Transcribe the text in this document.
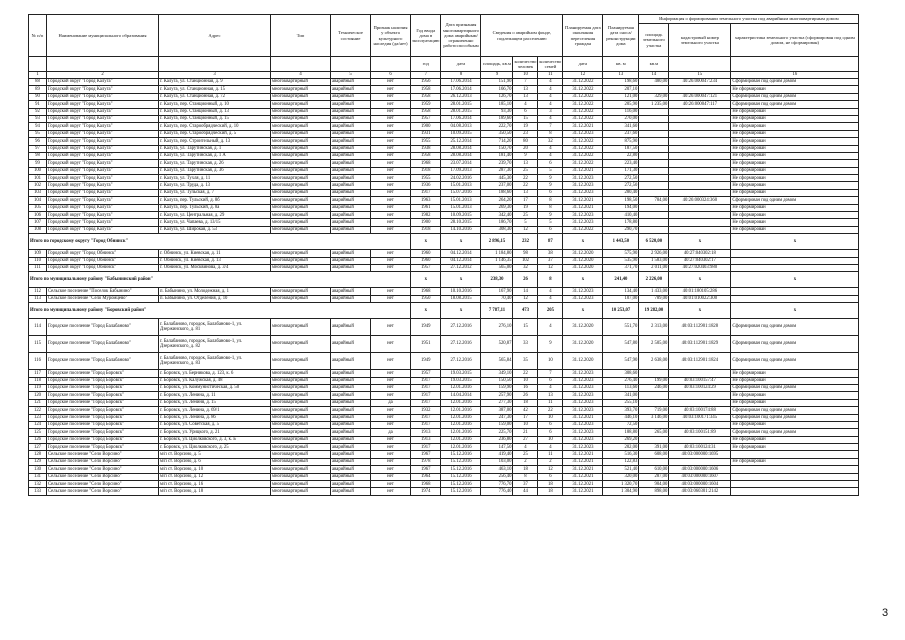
№ п/п	Наименование муниципального образования	Адрес	Тип	Техническое состояние	Признак наличия у объекта культурного наследия (да/нет)	Год ввода дома в эксплуатацию	Дата признания многоквартирного дома аварийным/ограниченно работоспособным	Сведения о аварийном фонде, подлежащем расселению			Планируемая дата окончания переселения граждан	Планируемая дата сноса/реконструкции дома	Информация о формировании земельного участка под аварийным многоквартирным домом		
													площадь земельного участка	кадастровый номер земельного участка	характеристика земельного участка (сформирован под одним домом, не сформирован)

						год	дата	площадь, кв.м	количество человек	количество семей	дата	кв. м	кв.м		
1	2	3	4	5	6	7	8	9	10	11	12	13	14	15	16
88	Городской округ "Город Калуга"	г. Калуга, ул. Станционная, д. 9	многоквартирный	аварийный	нет	1956	17.06.2014	151,90	7	4	31.12.2022	198,60	480,00	40:26:000047:234	Сформирован под одним домом
89	Городской округ "Город Калуга"	г. Калуга, ул. Станционная, д. 15	многоквартирный	аварийный	нет	1958	17.06.2014	166,70	13	4	31.12.2022	207,10			Не сформирован
90	Городской округ "Город Калуга"	г. Калуга, ул. Станционная, д. 72	многоквартирный	аварийный	нет	1958	26.12.2013	126,70	13	4	31.12.2022	121,00	329,00	40:26:000047:121	Сформирован под одним домом
91	Городской округ "Город Калуга"	г. Калуга, пер. Станционный, д. 10	многоквартирный	аварийный	нет	1959	28.01.2015	185,10	4	4	31.12.2022	205,90	1 235,00	40:26:000047:117	Сформирован под одним домом
92	Городской округ "Город Калуга"	г. Калуга, пер. Станционный, д. 13	многоквартирный	аварийный	нет	1958	28.01.2015	93,30	6	3	31.12.2022	116,00			Не сформирован
93	Городской округ "Город Калуга"	г. Калуга, пер. Станционный, д. 15	многоквартирный	аварийный	нет	1957	17.06.2014	189,60	15	4	31.12.2022	270,00			Не сформирован
94	Городской округ "Город Калуга"	г. Калуга, пер. Старообрядческий, д. 10	многоквартирный	аварийный	нет	1900	04.08.2013	222,70	19	7	31.12.2021	341,60			Не сформирован
95	Городской округ "Город Калуга"	г. Калуга, пер. Старообрядческий, д. 5	многоквартирный	аварийный	нет	1931	10.09.2015	350,50	23	8	31.12.2023	237,60			Не сформирован
96	Городской округ "Город Калуга"	г. Калуга, пер. Строительный, д. 13	многоквартирный	аварийный	нет	1955	25.12.2014	714,20	80	32	31.12.2022	875,90			Не сформирован
97	Городской округ "Город Калуга"	г. Калуга, ул. Тарутинская, д. 1	многоквартирный	аварийный	нет	1938	28.08.2014	150,70	20	4	31.12.2022	187,50			Не сформирован
98	Городской округ "Город Калуга"	г. Калуга, ул. Тарутинская, д. 1 А	многоквартирный	аварийный	нет	1958	28.08.2014	181,40	9	4	31.12.2022	22,80			Не сформирован
99	Городской округ "Город Калуга"	г. Калуга, ул. Тарутинская, д. 26	многоквартирный	аварийный	нет	1968	23.07.2014	239,70	13	6	31.12.2022	223,40			Не сформирован
100	Городской округ "Город Калуга"	г. Калуга, ул. Тарутинская, д. 36	многоквартирный	аварийный	нет	1918	17.09.2013	287,30	25	5	31.12.2021	171,30			Не сформирован
101	Городской округ "Город Калуга"	г. Калуга, ул. Тухля, д. 11	многоквартирный	аварийный	нет	1955	24.02.2016	445,30	22	9	31.12.2023	272,50			Не сформирован
102	Городской округ "Город Калуга"	г. Калуга, ул. Труда, д. 13	многоквартирный	аварийный	нет	1936	15.01.2013	237,00	22	9	31.12.2023	272,50			Не сформирован
103	Городской округ "Город Калуга"	г. Калуга, ул. Тульская, д. 7	многоквартирный	аварийный	нет	1917	15.07.2016	188,60	13	6	31.12.2023	280,40			Не сформирован
104	Городской округ "Город Калуга"	г. Калуга, пер. Тульский, д. 8б	многоквартирный	аварийный	нет	1963	15.01.2013	264,20	17	8	31.12.2021	198,50	784,00	40:26:000324:360	Сформирован под одним домом
105	Городской округ "Город Калуга"	г. Калуга, пер. Тульский, д. 8а	многоквартирный	аварийный	нет	1961	15.01.2013	269,30	19	8	31.12.2021	194,00			Не сформирован
106	Городской округ "Город Калуга"	г. Калуга, ул. Центральная, д. 29	многоквартирный	аварийный	нет	1982	10.09.2015	342,40	25	9	31.12.2023	410,40			Не сформирован
107	Городской округ "Город Калуга"	г. Калуга, ул. Чапаева, д. 13/15	многоквартирный	аварийный	нет	1900	28.10.2015	186,70	5	5	31.12.2023	178,80			Не сформирован
108	Городской округ "Город Калуга"	г. Калуга, ул. Широкая, д. 53	многоквартирный	аварийный	нет	1918	14.10.2016	308,30	12	6	31.12.2022	290,70			Не сформирован
Итого по городскому округу "Город Обнинск"						х	х	2 896,15	232	87	х	1 443,50	6 520,00	х	х
109	Городской округ "Город Обнинск"	г. Обнинск, ул. Киевская, д. 11	многоквартирный	аварийный	нет	1960	04.12.2014	1 184,80	98	38	31.12.2020	575,90	2 926,00	40:27:040302:18	
110	Городской округ "Город Обнинск"	г. Обнинск, ул. Киевская, д. 13	многоквартирный	аварийный	нет	1960	04.12.2014	1 146,35	102	37	31.12.2020	535,90	1 583,00	40:27:040302:17	
111	Городской округ "Город Обнинск"	г. Обнинск, ул. Москвинова, д. 3/4	многоквартирный	аварийный	нет	1957	27.12.2012	565,00	32	12	31.12.2020	371,70	2 011,00	40:27:020403:980	
Итого по муниципальному району "Бабынинский район"						х	х	238,30	26	8	х	241,40	2 226,00	х	х
112	Сельское поселение "Поселок Бабынино"	п. Бабынино, ул. Молодежная, д. 1	многоквартирный	аварийный	нет	1968	10.10.2016	167,90	14	4	31.12.2023	134,40	1 433,00	40:01:180105:286	
113	Сельское поселение "Село Муромцево"	п. Бабынино, ул. Отделения, д. 10	многоквартирный	аварийный	нет	1950	18.08.2015	70,40	12	4	31.12.2023	107,00	789,00	40:01:010022:300	
Итого по муниципальному району "Боровский район"						х	х	7 787,11	473	205	х	10 253,07	19 282,00	х	х
114	Городское поселение "Город Балабаново"	г. Балабаново, городок, Балабаново-1, ул. Дзержинского, д. 81	многоквартирный	аварийный	нет	1949	27.12.2016	276,10	15	4	31.12.2020	551,70	2 313,00	40:03:112901:1828	Сформирован под одним домом
115	Городское поселение "Город Балабаново"	г. Балабаново, городок, Балабаново-1, ул. Дзержинского, д. 82	многоквартирный	аварийный	нет	1951	27.12.2016	520,87	33	9	31.12.2020	547,80	2 505,00	40:03:112901:1829	Сформирован под одним домом
116	Городское поселение "Город Балабаново"	г. Балабаново, городок, Балабаново-1, ул. Дзержинского, д. 83	многоквартирный	аварийный	нет	1949	27.12.2016	565,84	35	10	31.12.2020	547,90	2 638,00	40:03:112901:1824	Сформирован под одним домом
117	Городское поселение "Город Боровск"	г. Боровск, ул. Берникова, д. 123, к. 6	многоквартирный	аварийный	нет	1957	19.03.2015	349,10	22	7	31.12.2023	308,60			Не сформирован
118	Городское поселение "Город Боровск"	г. Боровск, ул. Калужская, д. 48	многоквартирный	аварийный	нет	1917	19.03.2015	150,50	10	6	31.12.2023	276,40	199,00	40:03:100157:47	Не сформирован
119	Городское поселение "Город Боровск"	г. Боровск, ул. Коммунистическая, д. 50	многоквартирный	аварийный	нет	1917	12.01.2016	159,90	16	4	31.12.2023	113,60	246,00	40:03:100124:29	Сформирован под одним домом
120	Городское поселение "Город Боровск"	г. Боровск, ул. Ленина, д. 11	многоквартирный	аварийный	нет	1917	14.04.2014	257,90	26	13	31.12.2023	341,00			Не сформирован
121	Городское поселение "Город Боровск"	г. Боровск, ул. Лениня, д. 15	многоквартирный	аварийный	да	1917	12.01.2016	277,30	18	11	31.12.2023	255,10			Не сформирован
122	Городское поселение "Город Боровск"	г. Боровск, ул. Ленина, д. 69/1	многоквартирный	аварийный	нет	1932	12.01.2016	387,00	42	22	31.12.2023	393,70	719,00	40:03:100174:88	Сформирован под одним домом
123	Городское поселение "Город Боровск"	г. Боровск, ул. Ленина, д. 86	многоквартирный	аварийный	нет	1917	12.01.2016	247,30	17	10	31.12.2021	446,10	3 146,00	40:03:100171:345	Сформирован под одним домом
124	Городское поселение "Город Боровск"	г. Боровск, ул. Советская, д. 5	многоквартирный	аварийный	нет	1917	12.01.2016	159,00	10	6	31.12.2023	72,50			Не сформирован
125	Городское поселение "Город Боровск"	г. Боровск, ул. Урицкого, д. 21	многоквартирный	аварийный	да	1913	12.01.2016	225,70	21	6	31.12.2023	188,80	265,00	40:03:100151:89	Сформирован под одним домом
126	Городское поселение "Город Боровск"	г. Боровск, ул. Циолковского, д. 3, к. Б	многоквартирный	аварийный	нет	1913	12.01.2016	236,80	27	10	31.12.2023	269,20			Не сформирован
127	Городское поселение "Город Боровск"	г. Боровск, ул. Циолковского, д. 25	многоквартирный	аварийный	нет	1917	12.01.2016	147,50	4	4	31.12.2023	202,00	391,00	40:03:100124:31	Не сформирован
128	Сельское поселение "Село Ворсино"	м/п ст. Ворсино, д. 5	многоквартирный	аварийный	нет	1967	15.12.2016	419,40	25	11	31.12.2021	516,30	608,00	40:03:000000:1695	
129	Сельское поселение "Село Ворсино"	м/п ст. Ворсино, д. 6	многоквартирный	аварийный	нет	1978	15.12.2016	103,00	2	2	31.12.2021	122,83			Не сформирован
130	Сельское поселение "Село Ворсино"	м/п ст. Ворсино, д. 10	многоквартирный	аварийный	нет	1967	15.12.2016	463,10	18	12	31.12.2021	521,40	610,00	40:03:000000:1606	
131	Сельское поселение "Село Ворсино"	м/п ст. Ворсино, д. 12	многоквартирный	аварийный	нет	1964	15.12.2016	256,40	8	6	31.12.2021	320,00	287,00	40:03:000000:1607	
132	Сельское поселение "Село Ворсино"	м/п ст. Ворсино, д. 16	многоквартирный	аварийный	нет	1968	15.12.2016	776,70	37	18	31.12.2021	1 320,70	904,00	40:03:000000:1604	
133	Сельское поселение "Село Ворсино"	м/п ст. Ворсино, д. 18	многоквартирный	аварийный	нет	1974	15.12.2016	776,40	44	18	31.12.2021	1 304,90	898,00	40:03:060301:2142	
3
